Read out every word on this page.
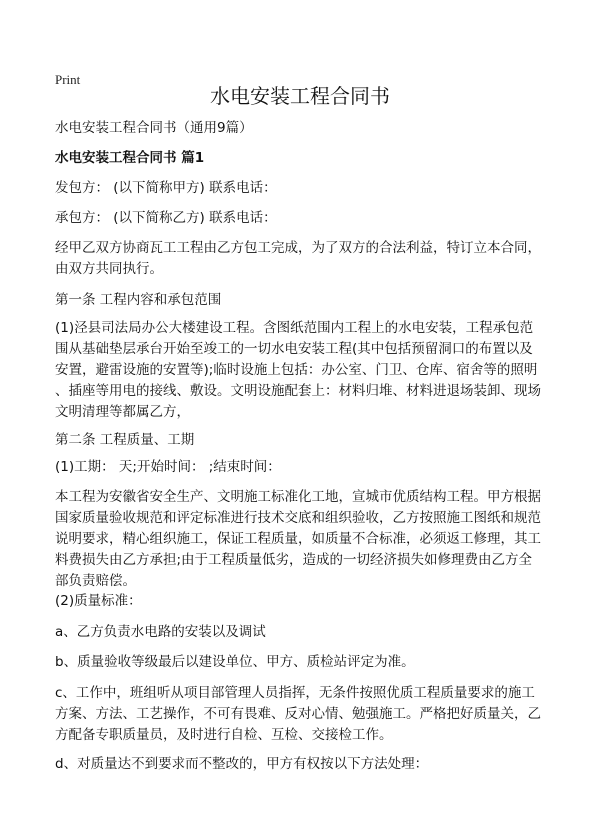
Print
水电安装工程合同书
水电安装工程合同书（通用9篇）
水电安装工程合同书 篇1
发包方： (以下简称甲方) 联系电话：
承包方： (以下简称乙方) 联系电话：
经甲乙双方协商瓦工工程由乙方包工完成，为了双方的合法利益，特订立本合同，
由双方共同执行。
第一条 工程内容和承包范围
(1)泾县司法局办公大楼建设工程。含图纸范围内工程上的水电安装，工程承包范
围从基础垫层承台开始至竣工的一切水电安装工程(其中包括预留洞口的布置以及
安置，避雷设施的安置等);临时设施上包括：办公室、门卫、仓库、宿舍等的照明
、插座等用电的接线、敷设。文明设施配套上：材料归堆、材料进退场装卸、现场
文明清理等都属乙方，
第二条 工程质量、工期
(1)工期： 天;开始时间： ;结束时间：
本工程为安徽省安全生产、文明施工标准化工地，宣城市优质结构工程。甲方根据
国家质量验收规范和评定标准进行技术交底和组织验收，乙方按照施工图纸和规范
说明要求，精心组织施工，保证工程质量，如质量不合标准，必须返工修理，其工
料费损失由乙方承担;由于工程质量低劣，造成的一切经济损失如修理费由乙方全
部负责赔偿。
(2)质量标准：
a、乙方负责水电路的安装以及调试
b、质量验收等级最后以建设单位、甲方、质检站评定为准。
c、工作中，班组听从项目部管理人员指挥，无条件按照优质工程质量要求的施工
方案、方法、工艺操作，不可有畏难、反对心情、勉强施工。严格把好质量关，乙
方配备专职质量员，及时进行自检、互检、交接检工作。
d、对质量达不到要求而不整改的，甲方有权按以下方法处理：
